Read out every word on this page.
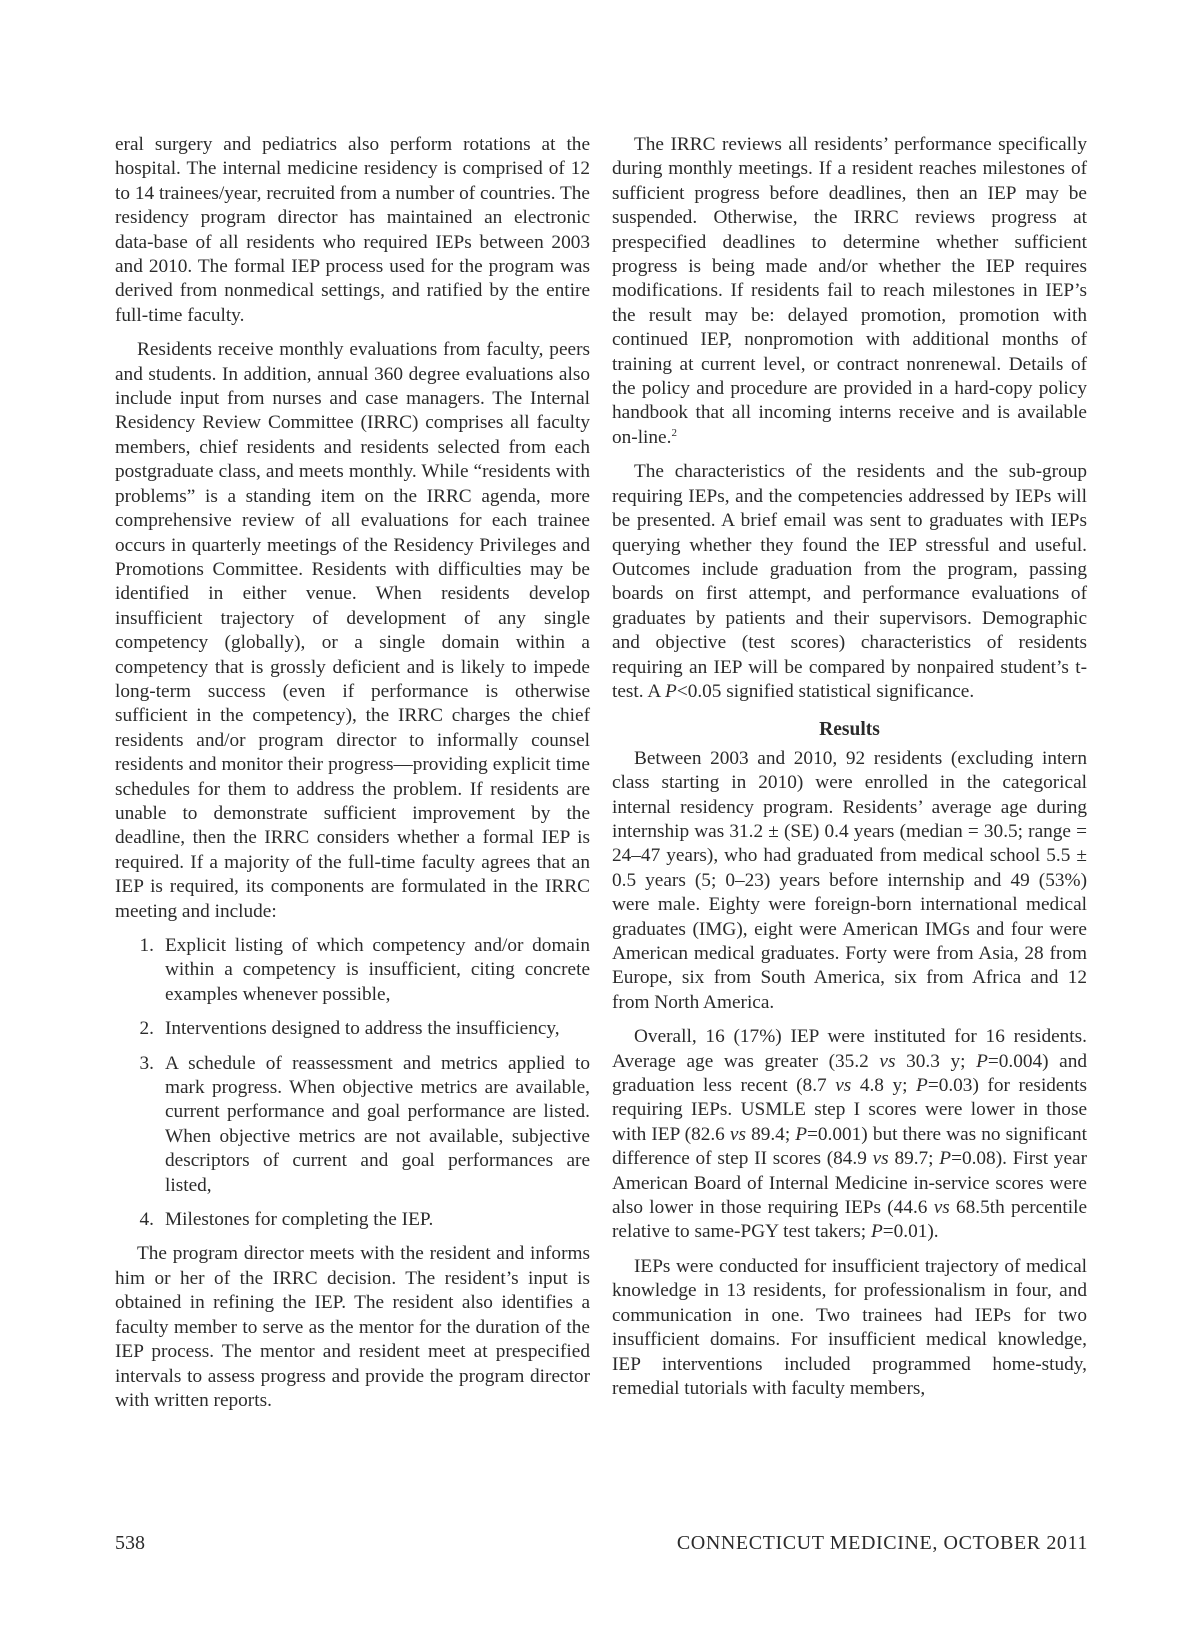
eral surgery and pediatrics also perform rotations at the hospital. The internal medicine residency is comprised of 12 to 14 trainees/year, recruited from a number of countries. The residency program director has maintained an electronic data-base of all residents who required IEPs between 2003 and 2010. The formal IEP process used for the program was derived from nonmedical settings, and ratified by the entire full-time faculty.

Residents receive monthly evaluations from faculty, peers and students. In addition, annual 360 degree evaluations also include input from nurses and case managers. The Internal Residency Review Committee (IRRC) comprises all faculty members, chief residents and residents selected from each postgraduate class, and meets monthly. While “residents with problems” is a standing item on the IRRC agenda, more comprehensive review of all evaluations for each trainee occurs in quarterly meetings of the Residency Privileges and Promotions Committee. Residents with difficulties may be identified in either venue. When residents develop insufficient trajectory of development of any single competency (globally), or a single domain within a competency that is grossly deficient and is likely to impede long-term success (even if performance is otherwise sufficient in the competency), the IRRC charges the chief residents and/or program director to informally counsel residents and monitor their progress—providing explicit time schedules for them to address the problem. If residents are unable to demonstrate sufficient improvement by the deadline, then the IRRC considers whether a formal IEP is required. If a majority of the full-time faculty agrees that an IEP is required, its components are formulated in the IRRC meeting and include:

1. Explicit listing of which competency and/or domain within a competency is insufficient, citing concrete examples whenever possible,
2. Interventions designed to address the insufficiency,
3. A schedule of reassessment and metrics applied to mark progress. When objective metrics are available, current performance and goal performance are listed. When objective metrics are not available, subjective descriptors of current and goal performances are listed,
4. Milestones for completing the IEP.

The program director meets with the resident and informs him or her of the IRRC decision. The resident’s input is obtained in refining the IEP. The resident also identifies a faculty member to serve as the mentor for the duration of the IEP process. The mentor and resident meet at prespecified intervals to assess progress and provide the program director with written reports.

The IRRC reviews all residents’ performance specifically during monthly meetings. If a resident reaches milestones of sufficient progress before deadlines, then an IEP may be suspended. Otherwise, the IRRC reviews progress at prespecified deadlines to determine whether sufficient progress is being made and/or whether the IEP requires modifications. If residents fail to reach milestones in IEP’s the result may be: delayed promotion, promotion with continued IEP, nonpromotion with additional months of training at current level, or contract nonrenewal. Details of the policy and procedure are provided in a hard-copy policy handbook that all incoming interns receive and is available on-line.$^2$

The characteristics of the residents and the sub-group requiring IEPs, and the competencies addressed by IEPs will be presented. A brief email was sent to graduates with IEPs querying whether they found the IEP stressful and useful. Outcomes include graduation from the program, passing boards on first attempt, and performance evaluations of graduates by patients and their supervisors. Demographic and objective (test scores) characteristics of residents requiring an IEP will be compared by nonpaired student’s t-test. A P<0.05 signified statistical significance.

Results

Between 2003 and 2010, 92 residents (excluding intern class starting in 2010) were enrolled in the categorical internal residency program. Residents’ average age during internship was 31.2 ± (SE) 0.4 years (median = 30.5; range = 24–47 years), who had graduated from medical school 5.5 ± 0.5 years (5; 0–23) years before internship and 49 (53%) were male. Eighty were foreign-born international medical graduates (IMG), eight were American IMGs and four were American medical graduates. Forty were from Asia, 28 from Europe, six from South America, six from Africa and 12 from North America.

Overall, 16 (17%) IEP were instituted for 16 residents. Average age was greater (35.2 vs 30.3 y; P=0.004) and graduation less recent (8.7 vs 4.8 y; P=0.03) for residents requiring IEPs. USMLE step I scores were lower in those with IEP (82.6 vs 89.4; P=0.001) but there was no significant difference of step II scores (84.9 vs 89.7; P=0.08). First year American Board of Internal Medicine in-service scores were also lower in those requiring IEPs (44.6 vs 68.5th percentile relative to same-PGY test takers; P=0.01).

IEPs were conducted for insufficient trajectory of medical knowledge in 13 residents, for professionalism in four, and communication in one. Two trainees had IEPs for two insufficient domains. For insufficient medical knowledge, IEP interventions included programmed home-study, remedial tutorials with faculty members,

538	CONNECTICUT MEDICINE, OCTOBER 2011
